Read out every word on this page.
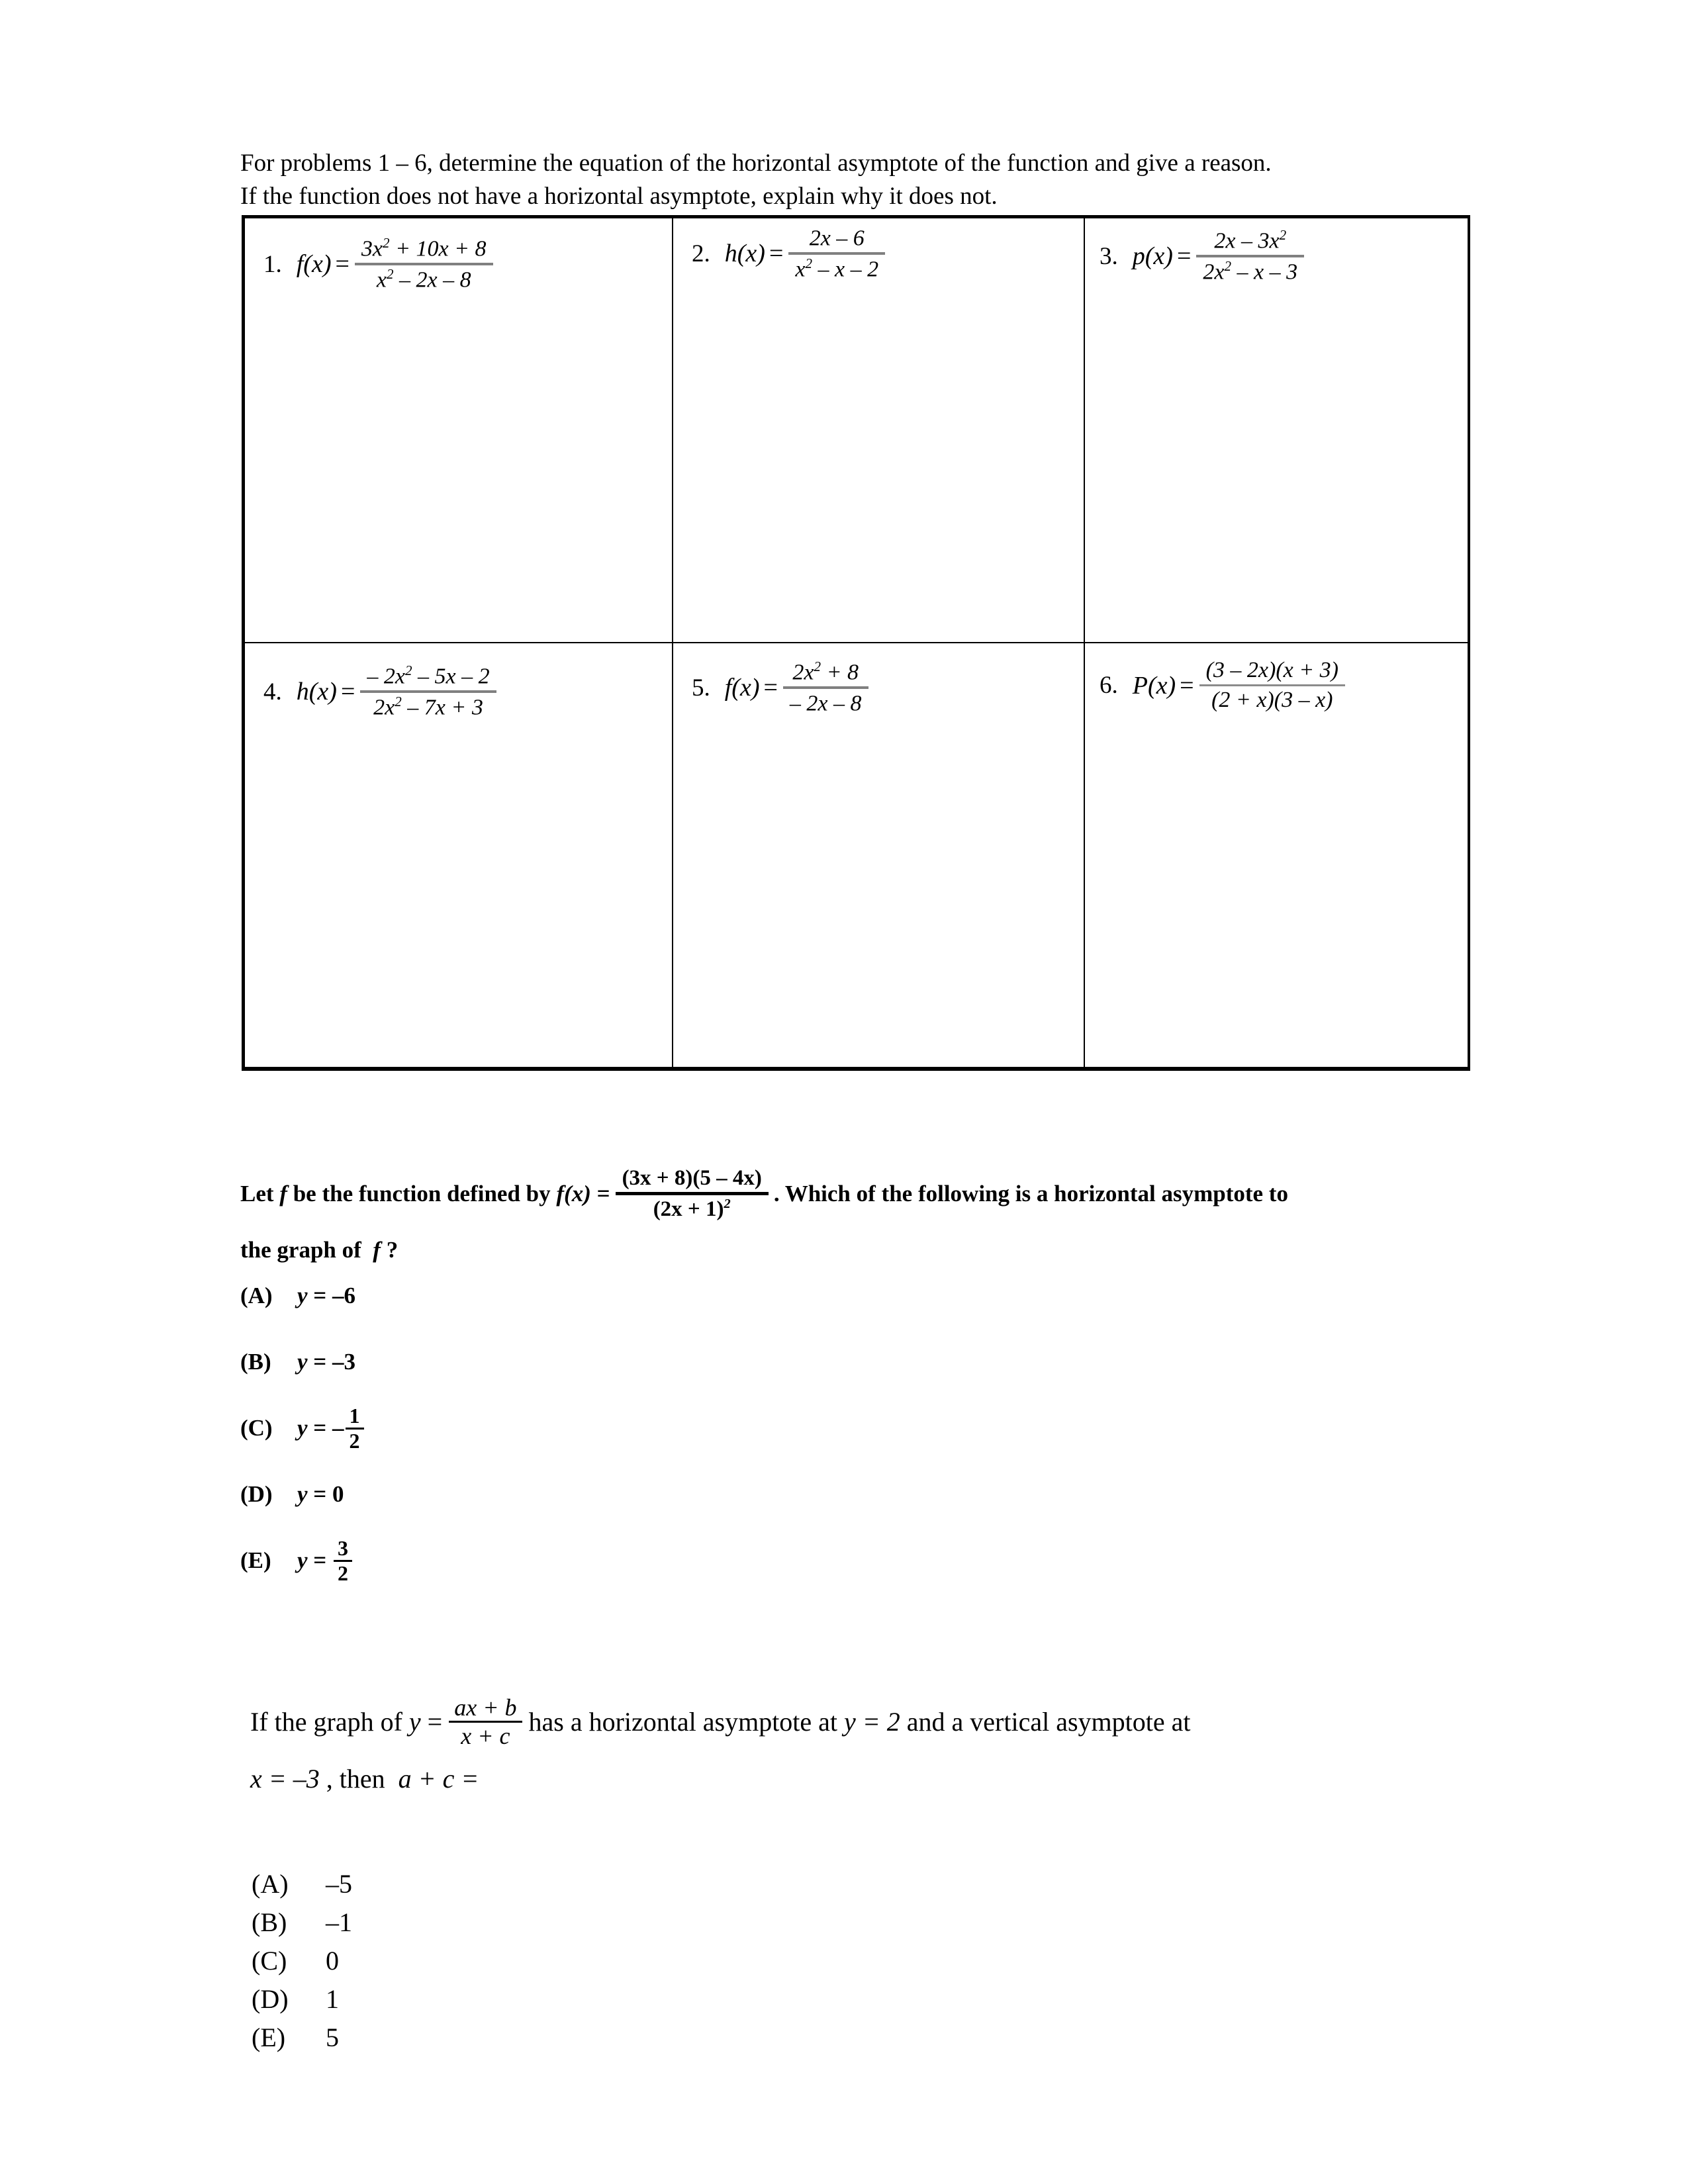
For problems 1 – 6, determine the equation of the horizontal asymptote of the function and give a reason.
If the function does not have a horizontal asymptote, explain why it does not.
1. $f(x) = \frac{3x^2 + 10x + 8}{x^2 - 2x - 8}$	2. $h(x) = \frac{2x - 6}{x^2 - x - 2}$	3. $p(x) = \frac{2x - 3x^2}{2x^2 - x - 3}$

4. $h(x) = \frac{- 2x^2 - 5x - 2}{2x^2 - 7x + 3}$	5. $f(x) = \frac{2x^2 + 8}{- 2x - 8}$	6. $P(x) = \frac{(3 - 2x)(x + 3)}{(2 + x)(3 - x)}$
Let
f
be the function defined by
f(x)
=
(3x + 8)(5 – 4x)
$(2x + 1)^2$ . Which of the following is a horizontal asymptote to
the graph of f ?
(A)	y
=
–6
(B)	y
=
–3
(C)	y
=
– 1
2
(D)	y
=
0
(E)	y
=
3
2
If the graph of
y
= $\frac{ax + b}{x + c}$ has a horizontal asymptote at
y = 2
and a vertical asymptote at
x = –3 , then a + c =
(A)	–5
(B)	–1
(C)	0
(D)	1
(E)	5
